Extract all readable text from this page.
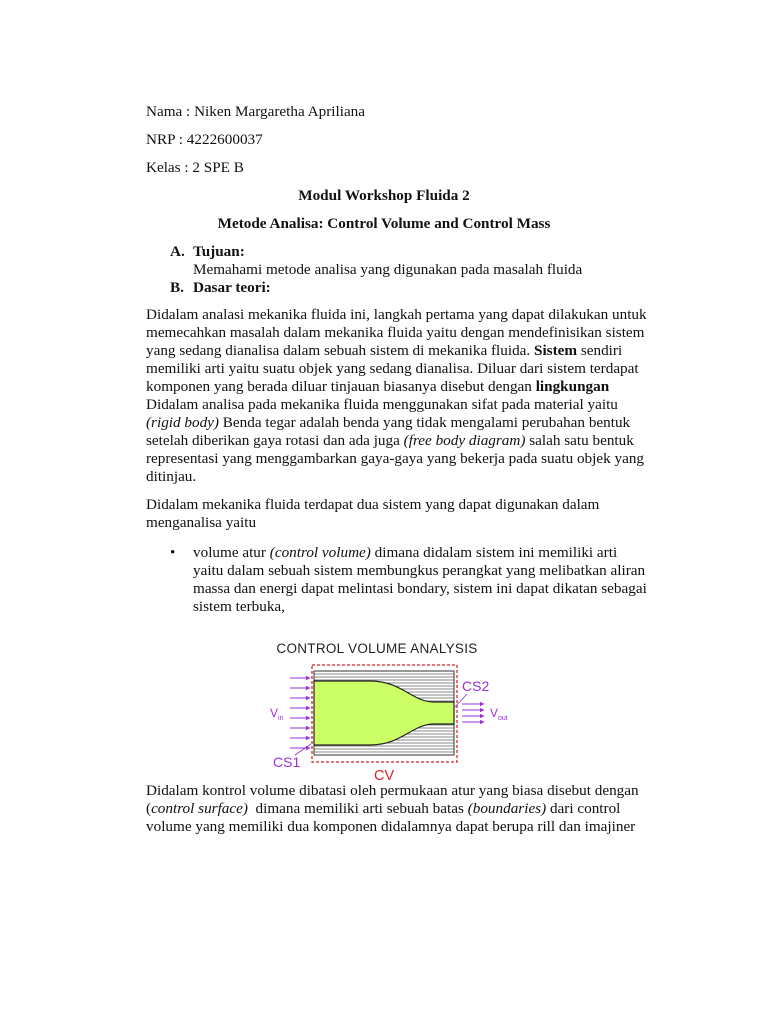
Nama : Niken Margaretha Apriliana

NRP : 4222600037

Kelas : 2 SPE B

Modul Workshop Fluida 2

Metode Analisa: Control Volume and Control Mass

A. Tujuan:
Memahami metode analisa yang digunakan pada masalah fluida
B. Dasar teori:
Didalam analasi mekanika fluida ini, langkah pertama yang dapat dilakukan untuk
memecahkan masalah dalam mekanika fluida yaitu dengan mendefinisikan sistem
yang sedang dianalisa dalam sebuah sistem di mekanika fluida. Sistem sendiri
memiliki arti yaitu suatu objek yang sedang dianalisa. Diluar dari sistem terdapat
komponen yang berada diluar tinjauan biasanya disebut dengan lingkungan
Didalam analisa pada mekanika fluida menggunakan sifat pada material yaitu
(rigid body) Benda tegar adalah benda yang tidak mengalami perubahan bentuk
setelah diberikan gaya rotasi dan ada juga (free body diagram) salah satu bentuk
representasi yang menggambarkan gaya-gaya yang bekerja pada suatu objek yang
ditinjau.
Didalam mekanika fluida terdapat dua sistem yang dapat digunakan dalam
menganalisa yaitu
• volume atur (control volume) dimana didalam sistem ini memiliki arti
yaitu dalam sebuah sistem membungkus perangkat yang melibatkan aliran
massa dan energi dapat melintasi bondary, sistem ini dapat dikatan sebagai
sistem terbuka,
CONTROL VOLUME ANALYSIS
$V_{in}$	$V_{out}$
CS2
CS1
CV
Didalam kontrol volume dibatasi oleh permukaan atur yang biasa disebut dengan
(control surface)  dimana memiliki arti sebuah batas (boundaries) dari control
volume yang memiliki dua komponen didalamnya dapat berupa rill dan imajiner
